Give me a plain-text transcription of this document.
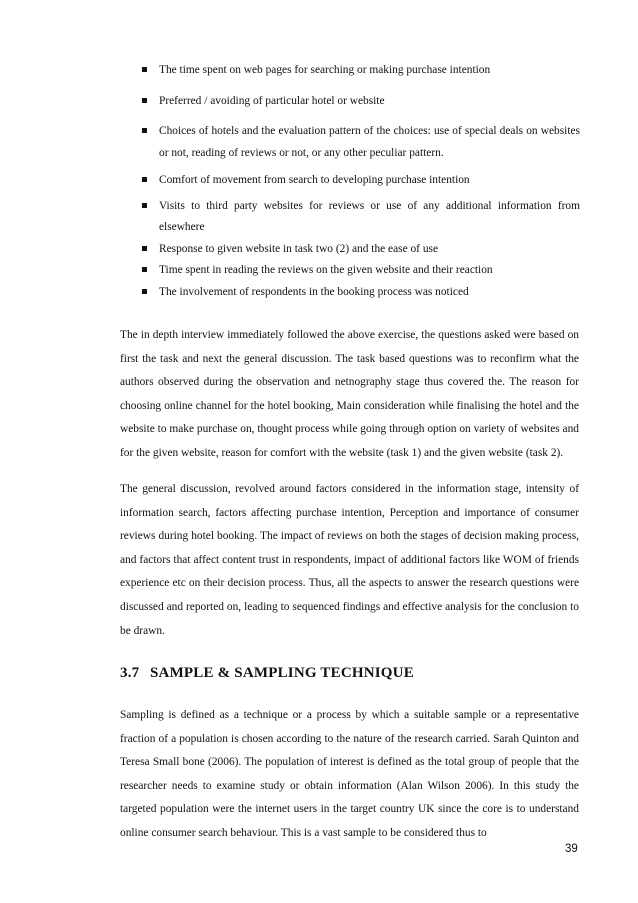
The time spent on web pages for searching or making purchase intention
Preferred / avoiding of particular hotel or website
Choices of hotels and the evaluation pattern of the choices: use of special deals on websites or not, reading of reviews or not, or any other peculiar pattern.
Comfort of movement from search to developing purchase intention
Visits to third party websites for reviews or use of any additional information from elsewhere
Response to given website in task two (2) and the ease of use
Time spent in reading the reviews on the given website and their reaction
The involvement of respondents in the booking process was noticed

The in depth interview immediately followed the above exercise, the questions asked were based on first the task and next the general discussion. The task based questions was to reconfirm what the authors observed during the observation and netnography stage thus covered the. The reason for choosing online channel for the hotel booking, Main consideration while finalising the hotel and the website to make purchase on, thought process while going through option on variety of websites and for the given website, reason for comfort with the website (task 1) and the given website (task 2).

The general discussion, revolved around factors considered in the information stage, intensity of information search, factors affecting purchase intention, Perception and importance of consumer reviews during hotel booking. The impact of reviews on both the stages of decision making process, and factors that affect content trust in respondents, impact of additional factors like WOM of friends experience etc on their decision process. Thus, all the aspects to answer the research questions were discussed and reported on, leading to sequenced findings and effective analysis for the conclusion to be drawn.

3.7 SAMPLE & SAMPLING TECHNIQUE

Sampling is defined as a technique or a process by which a suitable sample or a representative fraction of a population is chosen according to the nature of the research carried. Sarah Quinton and Teresa Small bone (2006). The population of interest is defined as the total group of people that the researcher needs to examine study or obtain information (Alan Wilson 2006). In this study the targeted population were the internet users in the target country UK since the core is to understand online consumer search behaviour. This is a vast sample to be considered thus to

39
